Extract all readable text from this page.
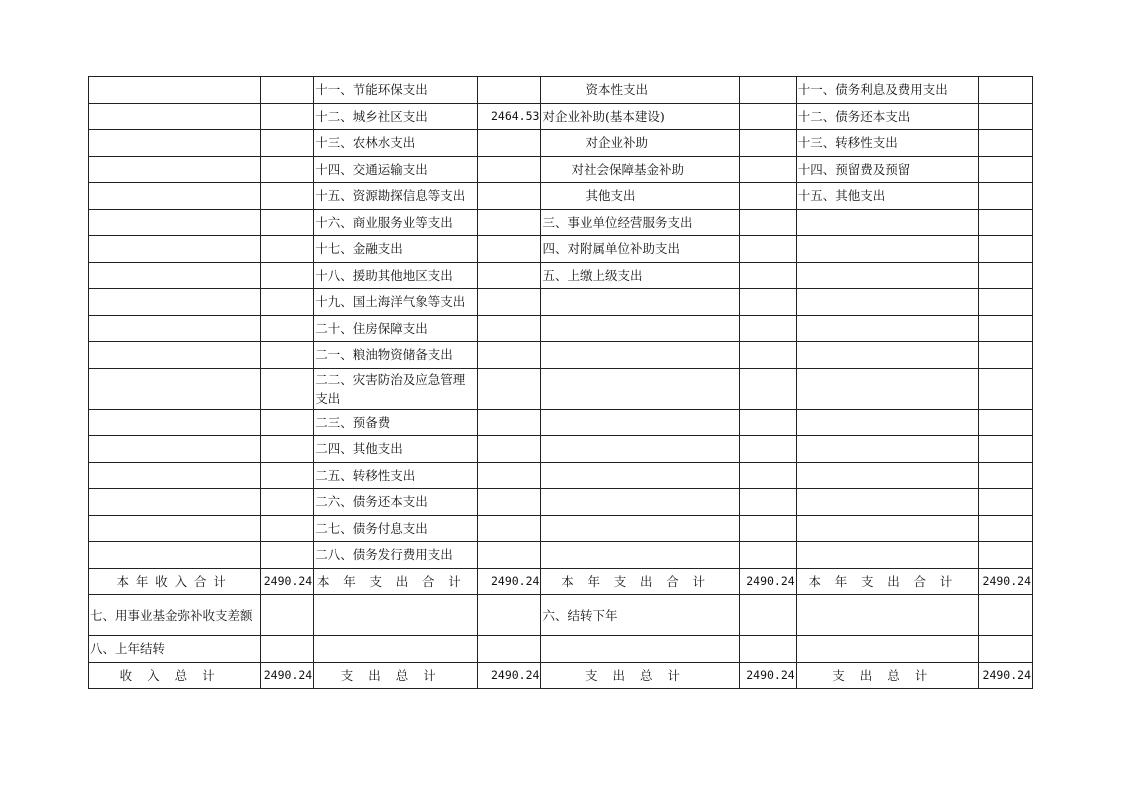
		十一、节能环保支出		资本性支出		十一、债务利息及费用支出	
		十二、城乡社区支出	2464.53	对企业补助(基本建设)		十二、债务还本支出	
		十三、农林水支出		对企业补助		十三、转移性支出	
		十四、交通运输支出		对社会保障基金补助		十四、预留费及预留	
		十五、资源勘探信息等支出		其他支出		十五、其他支出	
		十六、商业服务业等支出		三、事业单位经营服务支出			
		十七、金融支出		四、对附属单位补助支出			
		十八、援助其他地区支出		五、上缴上级支出			
		十九、国土海洋气象等支出					
		二十、住房保障支出					
		二一、粮油物资储备支出					
		二二、灾害防治及应急管理支出					
		二三、预备费					
		二四、其他支出					
		二五、转移性支出					
		二六、债务还本支出					
		二七、债务付息支出					
		二八、债务发行费用支出					
本年收入合计	2490.24	本年支出合计	2490.24	本年支出合计	2490.24	本年支出合计	2490.24
七、用事业基金弥补收支差额				六、结转下年			
八、上年结转							
收入总计	2490.24	支出总计	2490.24	支出总计	2490.24	支出总计	2490.24
